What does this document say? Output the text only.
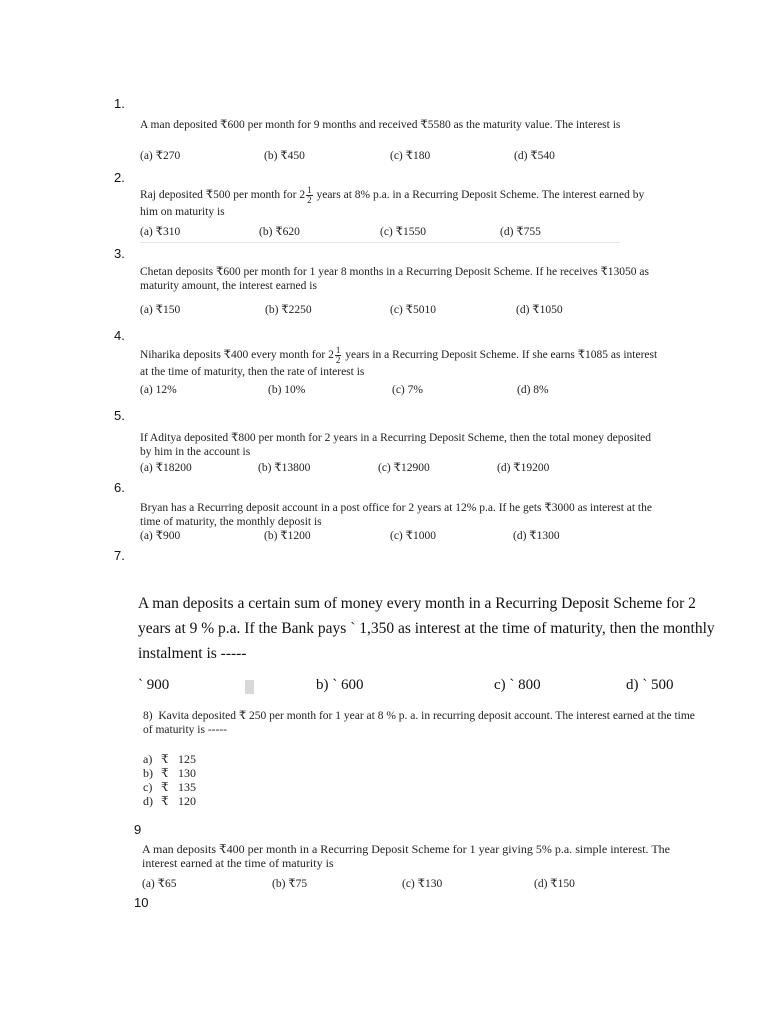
1.
A man deposited ₹600 per month for 9 months and received ₹5580 as the maturity value. The interest is
(a) ₹270	(b) ₹450	(c) ₹180	(d) ₹540
2.
Raj deposited ₹500 per month for $2 \frac{1}{2}$ years at 8% p.a. in a Recurring Deposit Scheme. The interest earned by him on maturity is
(a) ₹310	(b) ₹620	(c) ₹1550	(d) ₹755
3.
Chetan deposits ₹600 per month for 1 year 8 months in a Recurring Deposit Scheme. If he receives ₹13050 as maturity amount, the interest earned is
(a) ₹150	(b) ₹2250	(c) ₹5010	(d) ₹1050
4.
Niharika deposits ₹400 every month for $2 \frac{1}{2}$ years in a Recurring Deposit Scheme. If she earns ₹1085 as interest at the time of maturity, then the rate of interest is
(a) 12%	(b) 10%	(c) 7%	(d) 8%
5.
If Aditya deposited ₹800 per month for 2 years in a Recurring Deposit Scheme, then the total money deposited by him in the account is
(a) ₹18200	(b) ₹13800	(c) ₹12900	(d) ₹19200
6.
Bryan has a Recurring deposit account in a post office for 2 years at 12% p.a. If he gets ₹3000 as interest at the time of maturity, the monthly deposit is
(a) ₹900	(b) ₹1200	(c) ₹1000	(d) ₹1300
7.
A man deposits a certain sum of money every month in a Recurring Deposit Scheme for 2 years at 9 % p.a. If the Bank pays ` 1,350 as interest at the time of maturity, then the monthly instalment is -----
` 900	b) ` 600	c) ` 800	d) ` 500
8) Kavita deposited ₹ 250 per month for 1 year at 8 % p. a. in recurring deposit account. The interest earned at the time of maturity is -----
a) ₹ 125
b) ₹ 130
c) ₹ 135
d) ₹ 120
9
A man deposits ₹400 per month in a Recurring Deposit Scheme for 1 year giving 5% p.a. simple interest. The interest earned at the time of maturity is
(a) ₹65	(b) ₹75	(c) ₹130	(d) ₹150
10
